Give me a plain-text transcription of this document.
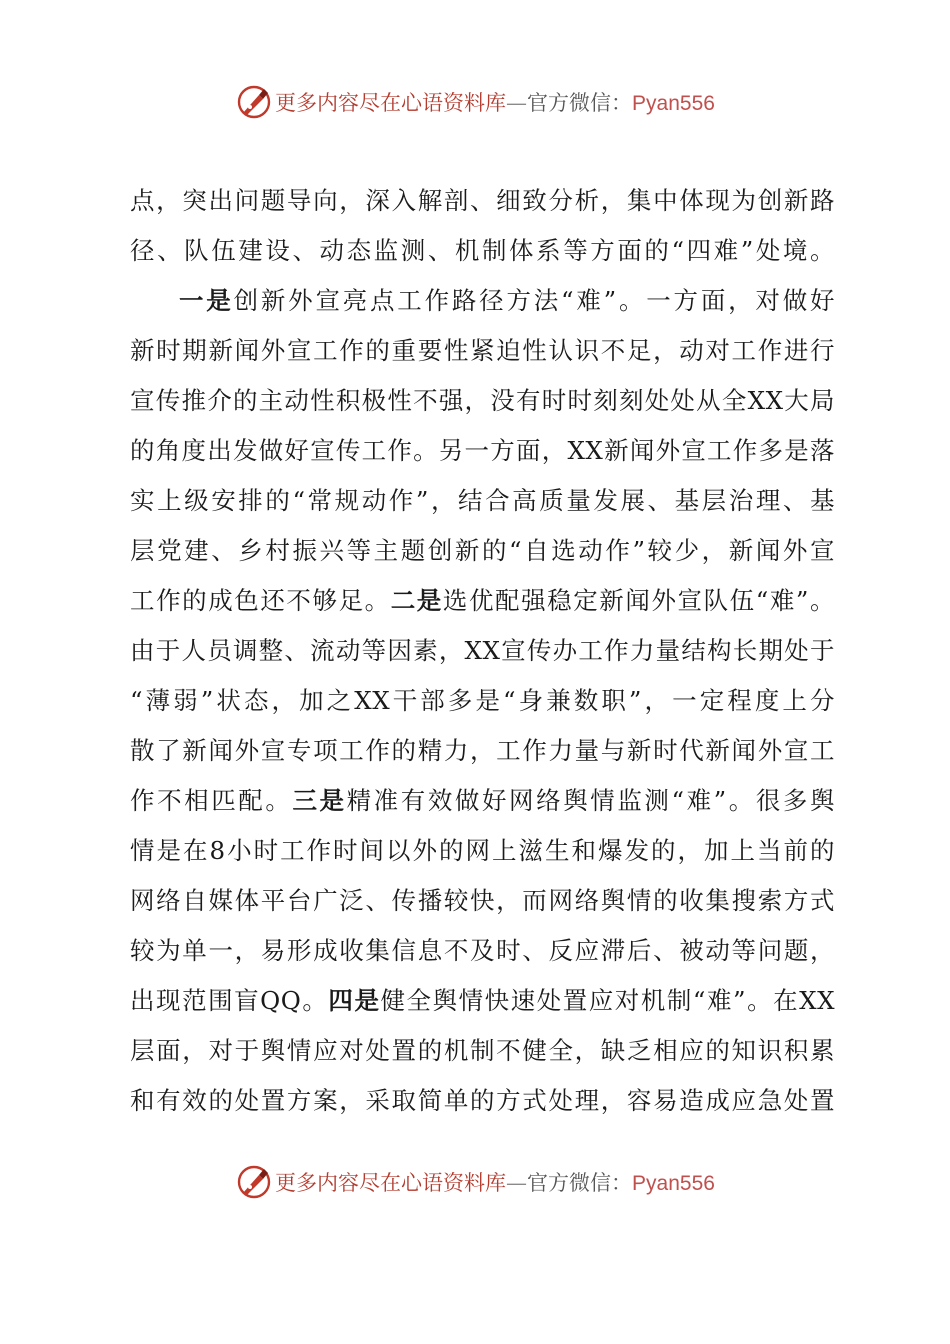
更多内容尽在心语资料库—官方微信：Pyan556
点，突出问题导向，深入解剖、细致分析，集中体现为创新路
径、队伍建设、动态监测、机制体系等方面的“四难”处境。
一是创新外宣亮点工作路径方法“难”。一方面，对做好
新时期新闻外宣工作的重要性紧迫性认识不足，动对工作进行
宣传推介的主动性积极性不强，没有时时刻刻处处从全XX大局
的角度出发做好宣传工作。另一方面，XX新闻外宣工作多是落
实上级安排的“常规动作”，结合高质量发展、基层治理、基
层党建、乡村振兴等主题创新的“自选动作”较少，新闻外宣
工作的成色还不够足。二是选优配强稳定新闻外宣队伍“难”。
由于人员调整、流动等因素，XX宣传办工作力量结构长期处于
“薄弱”状态，加之XX干部多是“身兼数职”，一定程度上分
散了新闻外宣专项工作的精力，工作力量与新时代新闻外宣工
作不相匹配。三是精准有效做好网络舆情监测“难”。很多舆
情是在8小时工作时间以外的网上滋生和爆发的，加上当前的
网络自媒体平台广泛、传播较快，而网络舆情的收集搜索方式
较为单一，易形成收集信息不及时、反应滞后、被动等问题，
出现范围盲QQ。四是健全舆情快速处置应对机制“难”。在XX
层面，对于舆情应对处置的机制不健全，缺乏相应的知识积累
和有效的处置方案，采取简单的方式处理，容易造成应急处置
更多内容尽在心语资料库—官方微信：Pyan556
